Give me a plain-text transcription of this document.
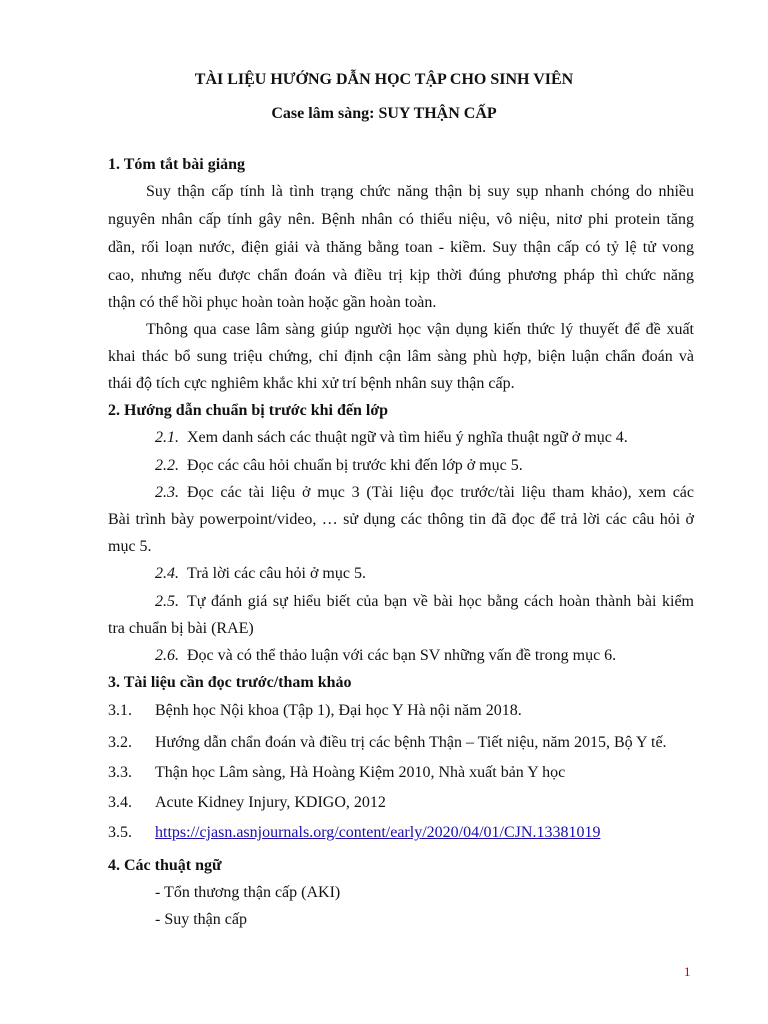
TÀI LIỆU HƯỚNG DẪN HỌC TẬP CHO SINH VIÊN
Case lâm sàng: SUY THẬN CẤP
1. Tóm tắt bài giảng
Suy thận cấp tính là tình trạng chức năng thận bị suy sụp nhanh chóng do nhiều
nguyên nhân cấp tính gây nên. Bệnh nhân có thiểu niệu, vô niệu, nitơ phi protein tăng
dần, rối loạn nước, điện giải và thăng bằng toan - kiềm. Suy thận cấp có tỷ lệ tử vong
cao, nhưng nếu được chẩn đoán và điều trị kịp thời đúng phương pháp thì chức năng
thận có thể hồi phục hoàn toàn hoặc gần hoàn toàn.
Thông qua case lâm sàng giúp người học vận dụng kiến thức lý thuyết để đề xuất
khai thác bổ sung triệu chứng, chỉ định cận lâm sàng phù hợp, biện luận chẩn đoán và
thái độ tích cực nghiêm khắc khi xử trí bệnh nhân suy thận cấp.
2. Hướng dẫn chuẩn bị trước khi đến lớp
2.1. Xem danh sách các thuật ngữ và tìm hiểu ý nghĩa thuật ngữ ở mục 4.
2.2. Đọc các câu hỏi chuẩn bị trước khi đến lớp ở mục 5.
2.3. Đọc các tài liệu ở mục 3 (Tài liệu đọc trước/tài liệu tham khảo), xem các
Bài trình bày powerpoint/video, … sử dụng các thông tin đã đọc để trả lời các câu hỏi ở
mục 5.
2.4. Trả lời các câu hỏi ở mục 5.
2.5. Tự đánh giá sự hiểu biết của bạn về bài học bằng cách hoàn thành bài kiểm
tra chuẩn bị bài (RAE)
2.6. Đọc và có thể thảo luận với các bạn SV những vấn đề trong mục 6.
3. Tài liệu cần đọc trước/tham khảo
3.1. Bệnh học Nội khoa (Tập 1), Đại học Y Hà nội năm 2018.
3.2. Hướng dẫn chẩn đoán và điều trị các bệnh Thận – Tiết niệu, năm 2015, Bộ Y tế.
3.3. Thận học Lâm sàng, Hà Hoàng Kiệm 2010, Nhà xuất bản Y học
3.4. Acute Kidney Injury, KDIGO, 2012
3.5. https://cjasn.asnjournals.org/content/early/2020/04/01/CJN.13381019
4. Các thuật ngữ
- Tổn thương thận cấp (AKI)
- Suy thận cấp
1
